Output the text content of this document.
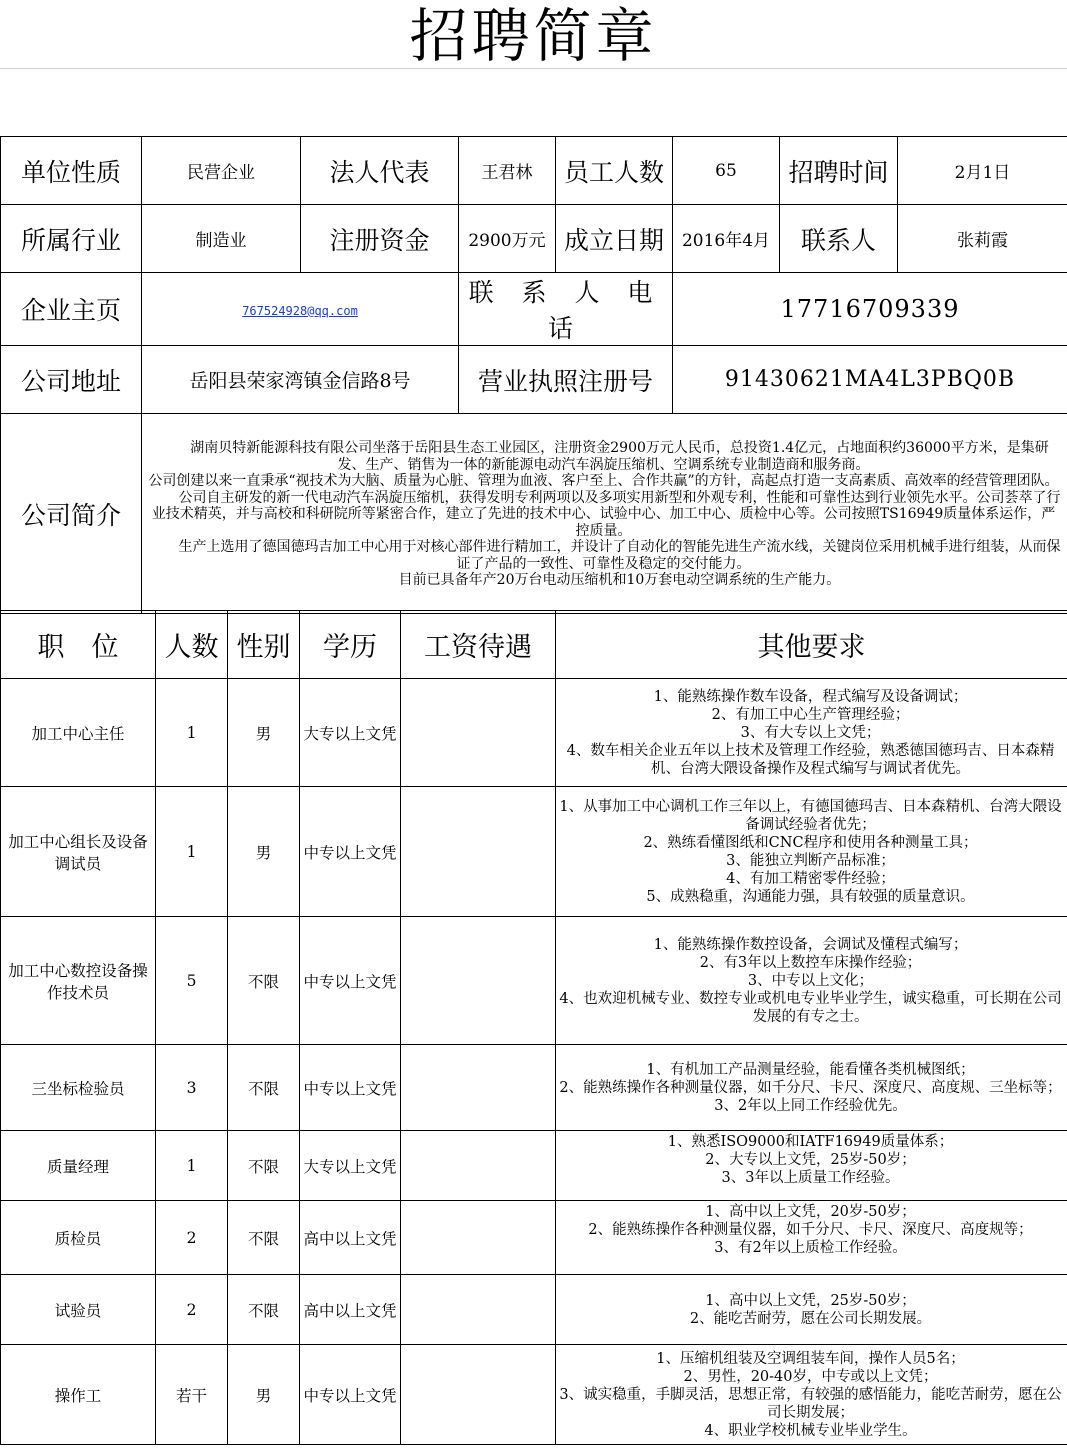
招聘简章
单位性质	民营企业	法人代表	王君林	员工人数	65	招聘时间	2月1日
所属行业	制造业	注册资金	2900万元	成立日期	2016年4月	联系人	张莉霞
企业主页	767524928@qq.com		联 系 人 电 话		17716709339		
公司地址	岳阳县荣家湾镇金信路8号		营业执照注册号		91430621MA4L3PBQ0B		
公司简介	湖南贝特新能源科技有限公司坐落于岳阳县生态工业园区，注册资金2900万元人民币，总投资1.4亿元，占地面积约36000平方米，是集研发、生产、销售为一体的新能源电动汽车涡旋压缩机、空调系统专业制造商和服务商。

公司创建以来一直秉承“视技术为大脑、质量为心脏、管理为血液、客户至上、合作共赢”的方针，高起点打造一支高素质、高效率的经营管理团队。

公司自主研发的新一代电动汽车涡旋压缩机，获得发明专利两项以及多项实用新型和外观专利，性能和可靠性达到行业领先水平。公司荟萃了行业技术精英，并与高校和科研院所等紧密合作，建立了先进的技术中心、试验中心、加工中心、质检中心等。公司按照TS16949质量体系运作，严控质量。

生产上选用了德国德玛吉加工中心用于对核心部件进行精加工，并设计了自动化的智能先进生产流水线，关键岗位采用机械手进行组装，从而保证了产品的一致性、可靠性及稳定的交付能力。

目前已具备年产20万台电动压缩机和10万套电动空调系统的生产能力。						

职　位	人数	性别	学历	工资待遇	其他要求
加工中心主任	1	男	大专以上文凭		1、能熟练操作数车设备，程式编写及设备调试；

2、有加工中心生产管理经验；

3、有大专以上文凭；

4、数车相关企业五年以上技术及管理工作经验，熟悉德国德玛吉、日本森精机、台湾大隈设备操作及程式编写与调试者优先。

加工中心组长及设备调试员	1	男	中专以上文凭		1、从事加工中心调机工作三年以上，有德国德玛吉、日本森精机、台湾大隈设备调试经验者优先；

2、熟练看懂图纸和CNC程序和使用各种测量工具；

3、能独立判断产品标准；

4、有加工精密零件经验；

5、成熟稳重，沟通能力强，具有较强的质量意识。

加工中心数控设备操作技术员	5	不限	中专以上文凭		1、能熟练操作数控设备，会调试及懂程式编写；

2、有3年以上数控车床操作经验；

3、中专以上文化；

4、也欢迎机械专业、数控专业或机电专业毕业学生，诚实稳重，可长期在公司发展的有专之士。

三坐标检验员	3	不限	中专以上文凭		1、有机加工产品测量经验，能看懂各类机械图纸；

2、能熟练操作各种测量仪器，如千分尺、卡尺、深度尺、高度规、三坐标等；

3、2年以上同工作经验优先。

质量经理	1	不限	大专以上文凭		1、熟悉ISO9000和IATF16949质量体系；

2、大专以上文凭，25岁-50岁；

3、3年以上质量工作经验。

质检员	2	不限	高中以上文凭		1、高中以上文凭，20岁-50岁；

2、能熟练操作各种测量仪器，如千分尺、卡尺、深度尺、高度规等；

3、有2年以上质检工作经验。

试验员	2	不限	高中以上文凭		1、高中以上文凭，25岁-50岁；

2、能吃苦耐劳，愿在公司长期发展。

操作工	若干	男	中专以上文凭		1、压缩机组装及空调组装车间，操作人员5名；

2、男性，20-40岁，中专或以上文凭；

3、诚实稳重，手脚灵活，思想正常，有较强的感悟能力，能吃苦耐劳，愿在公司长期发展；

4、职业学校机械专业毕业学生。
